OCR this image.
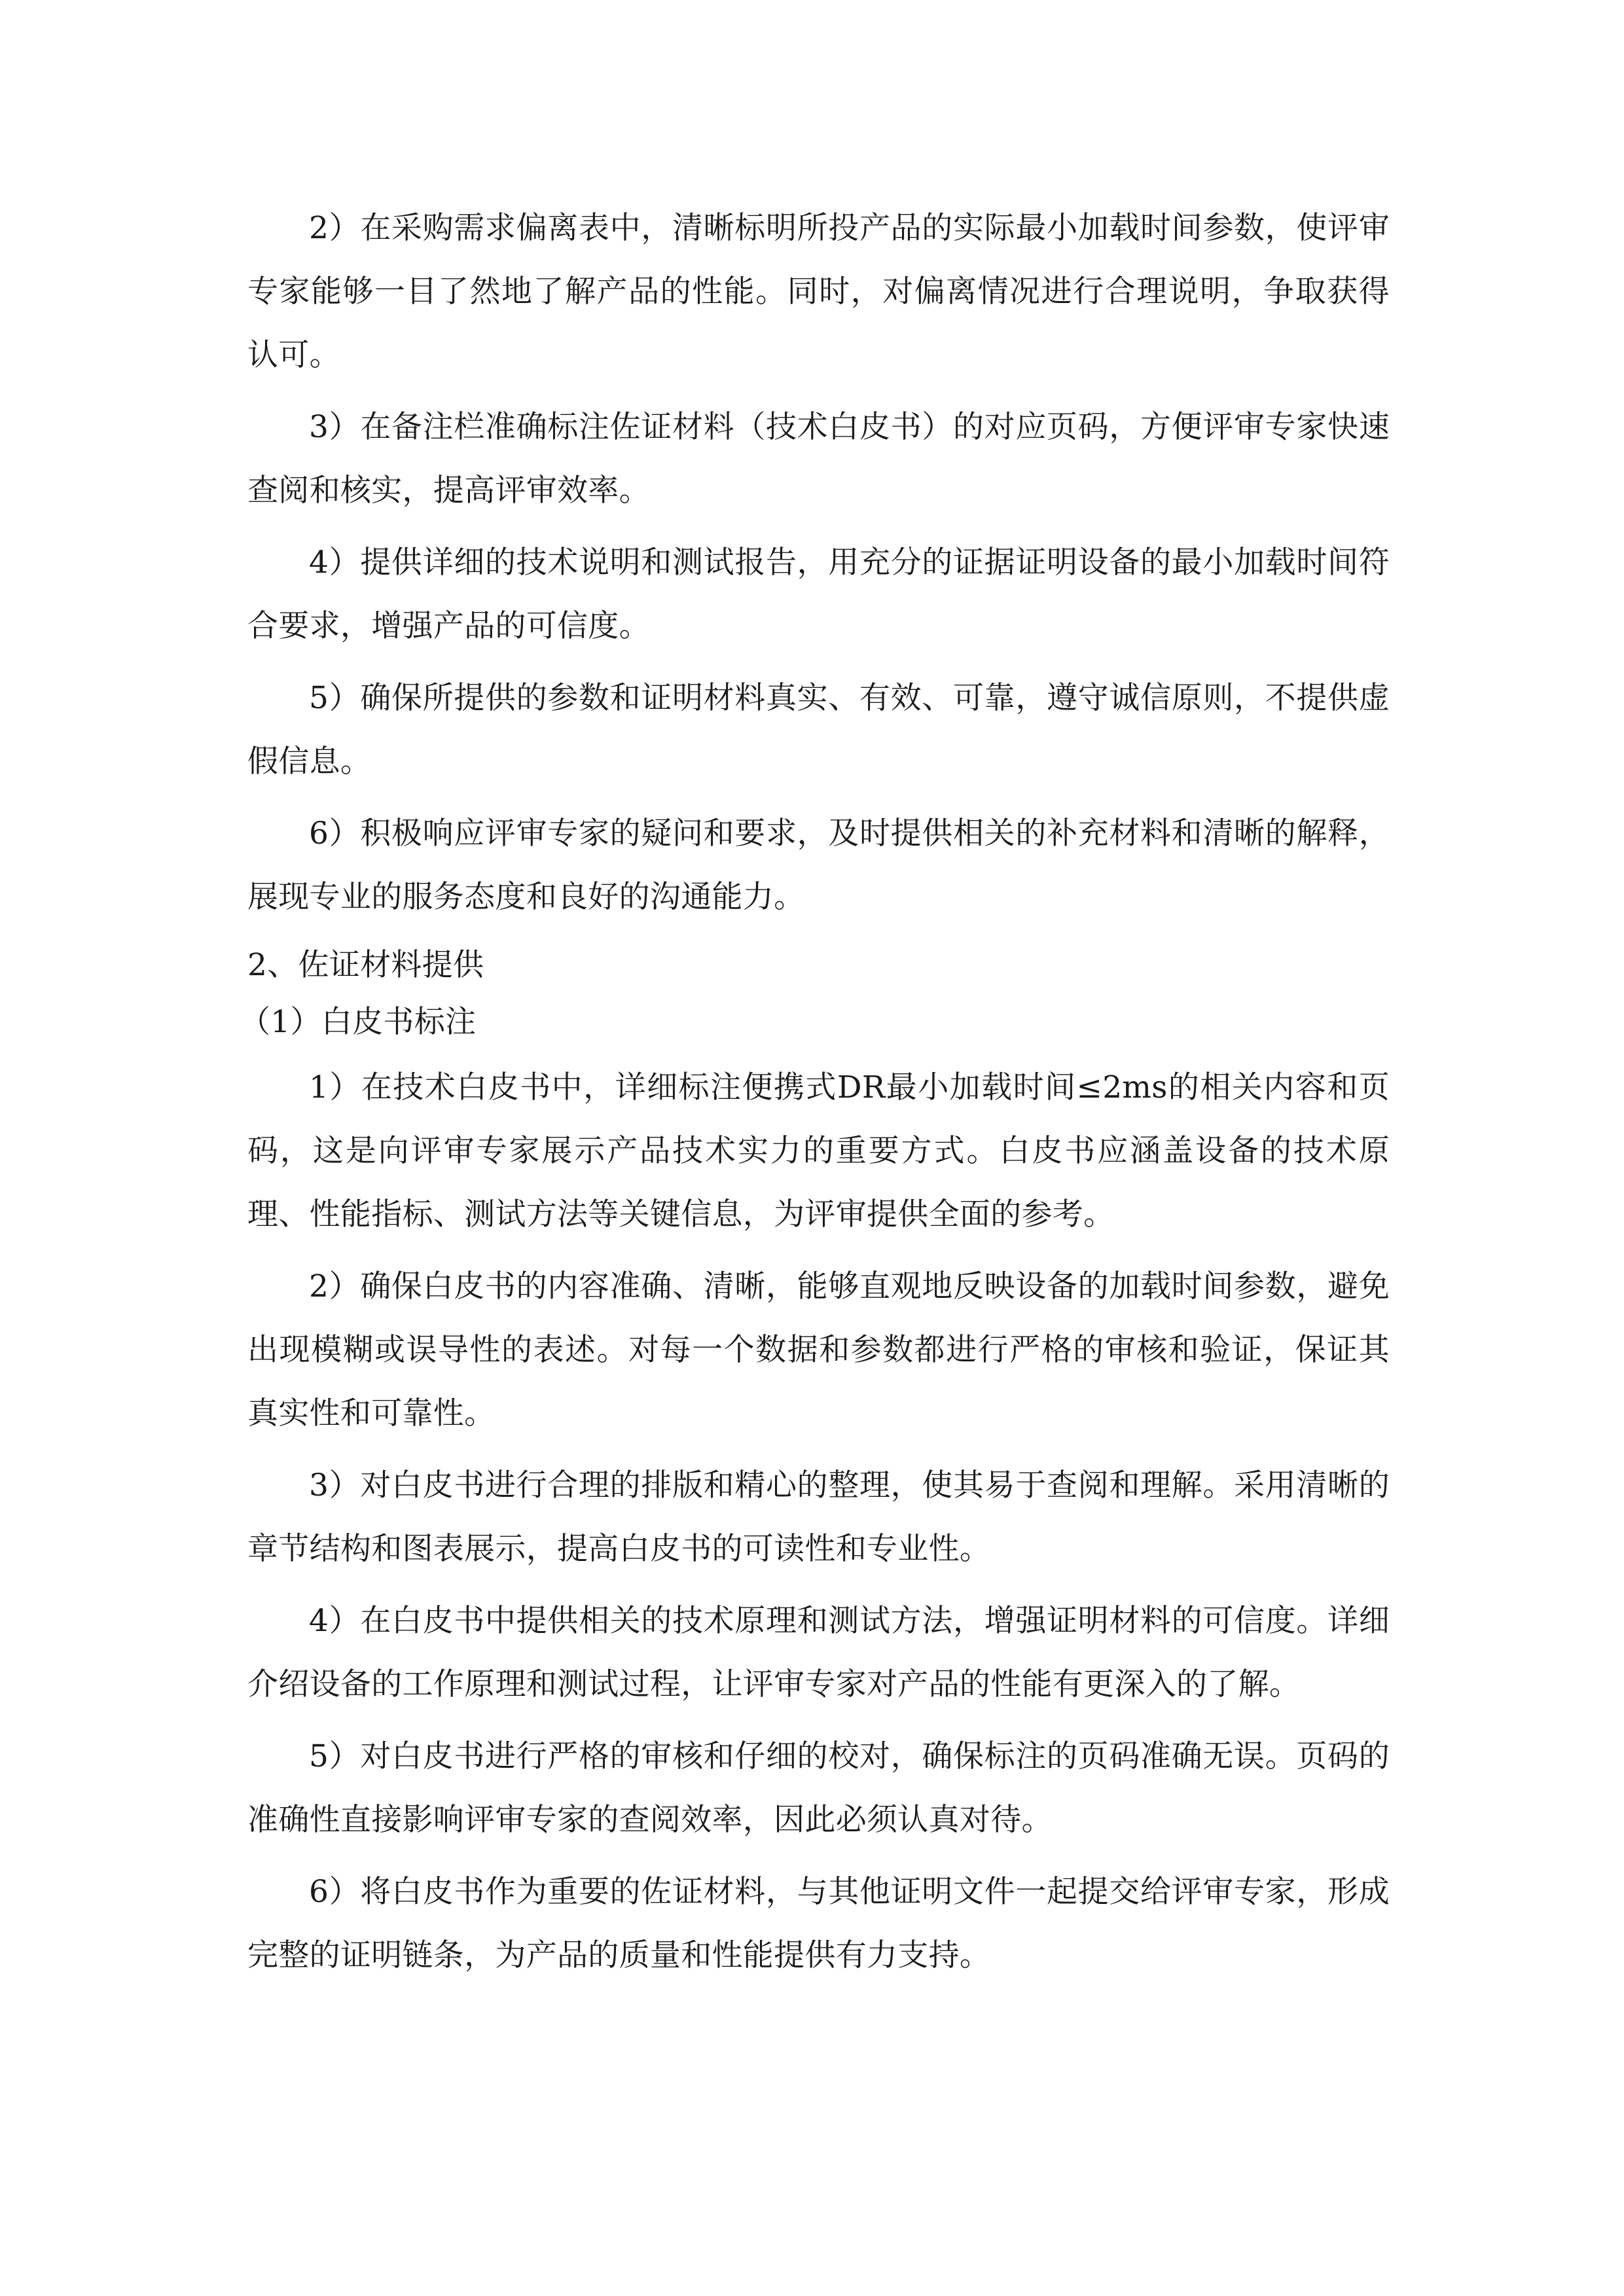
2）在采购需求偏离表中，清晰标明所投产品的实际最小加载时间参数，使评审专家能够一目了然地了解产品的性能。同时，对偏离情况进行合理说明，争取获得认可。

3）在备注栏准确标注佐证材料（技术白皮书）的对应页码，方便评审专家快速查阅和核实，提高评审效率。

4）提供详细的技术说明和测试报告，用充分的证据证明设备的最小加载时间符合要求，增强产品的可信度。

5）确保所提供的参数和证明材料真实、有效、可靠，遵守诚信原则，不提供虚假信息。

6）积极响应评审专家的疑问和要求，及时提供相关的补充材料和清晰的解释，展现专业的服务态度和良好的沟通能力。

2、佐证材料提供

（1）白皮书标注

1）在技术白皮书中，详细标注便携式DR最小加载时间≤2ms的相关内容和页码，这是向评审专家展示产品技术实力的重要方式。白皮书应涵盖设备的技术原理、性能指标、测试方法等关键信息，为评审提供全面的参考。

2）确保白皮书的内容准确、清晰，能够直观地反映设备的加载时间参数，避免出现模糊或误导性的表述。对每一个数据和参数都进行严格的审核和验证，保证其真实性和可靠性。

3）对白皮书进行合理的排版和精心的整理，使其易于查阅和理解。采用清晰的章节结构和图表展示，提高白皮书的可读性和专业性。

4）在白皮书中提供相关的技术原理和测试方法，增强证明材料的可信度。详细介绍设备的工作原理和测试过程，让评审专家对产品的性能有更深入的了解。

5）对白皮书进行严格的审核和仔细的校对，确保标注的页码准确无误。页码的准确性直接影响评审专家的查阅效率，因此必须认真对待。

6）将白皮书作为重要的佐证材料，与其他证明文件一起提交给评审专家，形成完整的证明链条，为产品的质量和性能提供有力支持。
